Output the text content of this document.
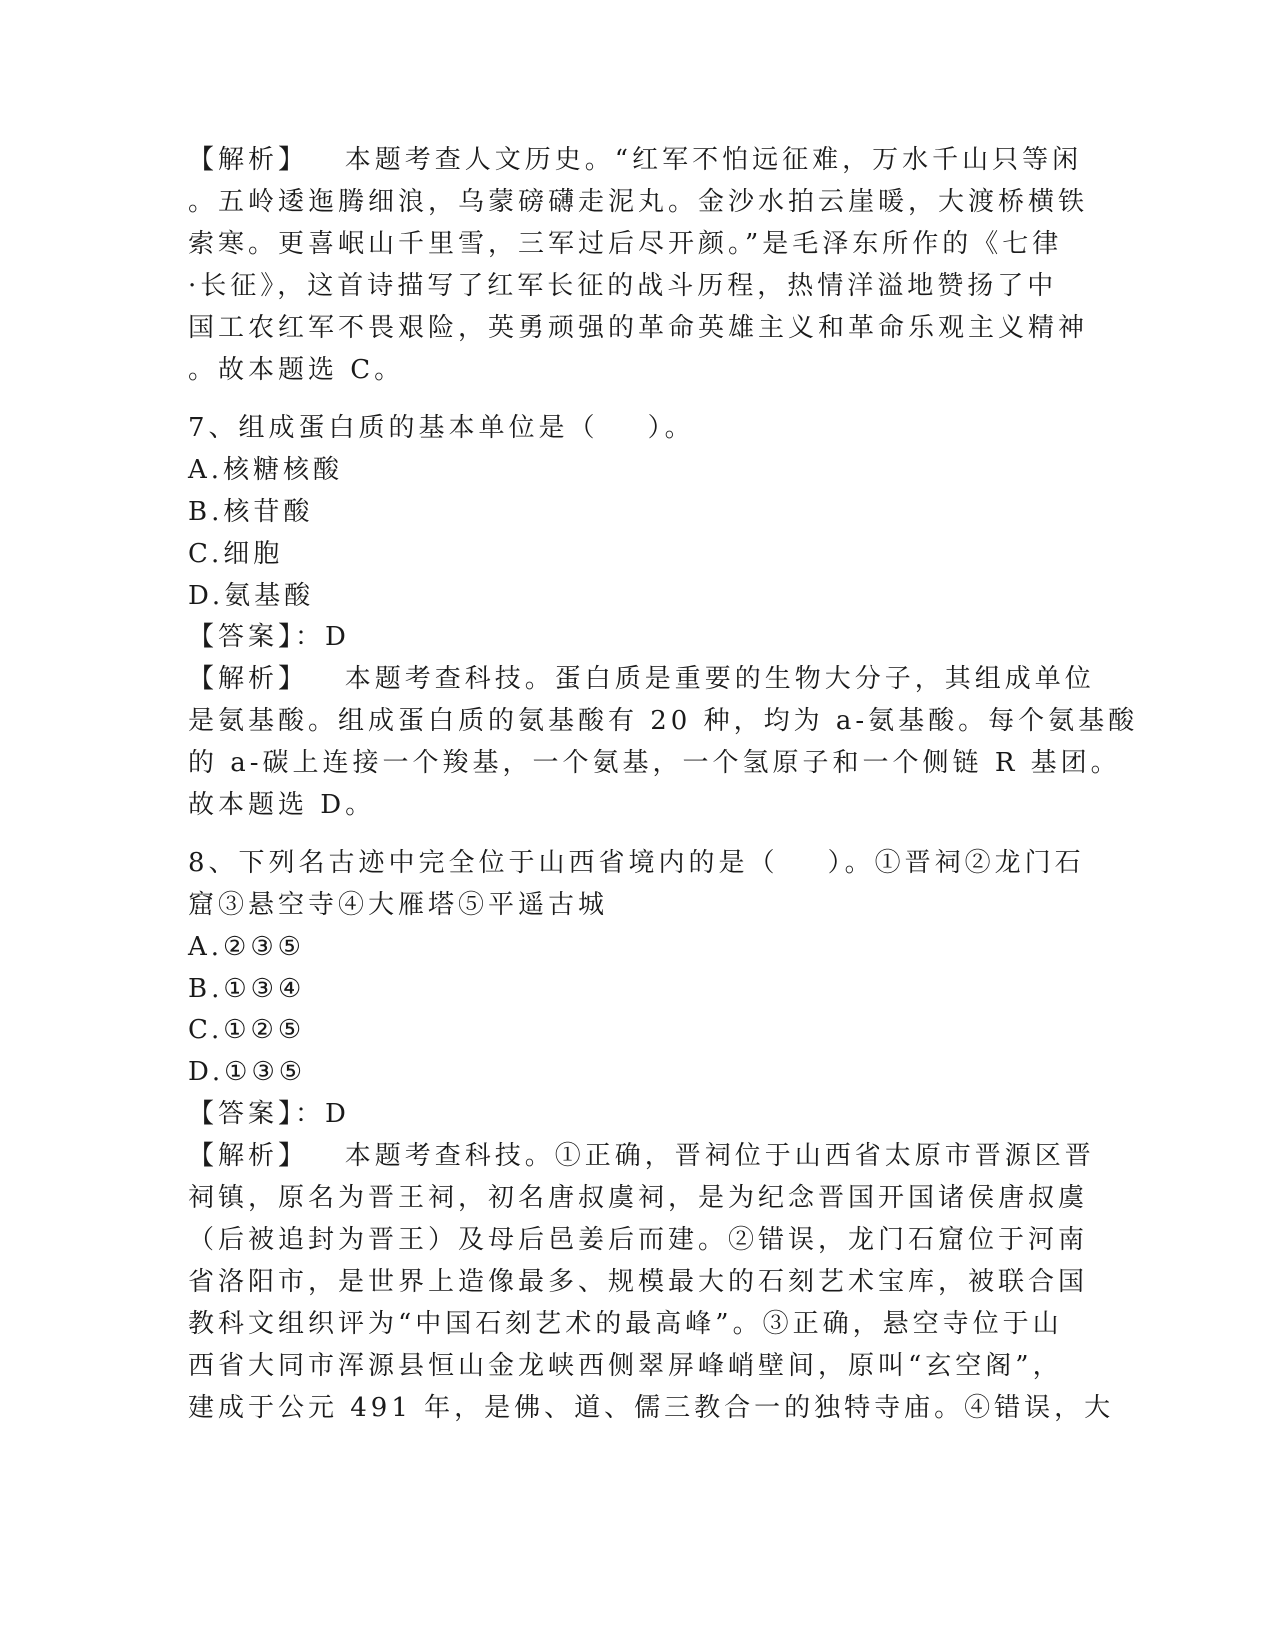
【解析】   本题考查人文历史。“红军不怕远征难，万水千山只等闲
。五岭逶迤腾细浪，乌蒙磅礴走泥丸。金沙水拍云崖暖，大渡桥横铁
索寒。更喜岷山千里雪，三军过后尽开颜。”是毛泽东所作的《七律
·长征》，这首诗描写了红军长征的战斗历程，热情洋溢地赞扬了中
国工农红军不畏艰险，英勇顽强的革命英雄主义和革命乐观主义精神
。故本题选 C。
7、组成蛋白质的基本单位是（    ）。
A.核糖核酸
B.核苷酸
C.细胞
D.氨基酸
【答案】：D
【解析】   本题考查科技。蛋白质是重要的生物大分子，其组成单位
是氨基酸。组成蛋白质的氨基酸有 20 种，均为 a-氨基酸。每个氨基酸
的 a-碳上连接一个羧基，一个氨基，一个氢原子和一个侧链 R 基团。
故本题选 D。
8、下列名古迹中完全位于山西省境内的是（    ）。①晋祠②龙门石
窟③悬空寺④大雁塔⑤平遥古城
A.②③⑤
B.①③④
C.①②⑤
D.①③⑤
【答案】：D
【解析】   本题考查科技。①正确，晋祠位于山西省太原市晋源区晋
祠镇，原名为晋王祠，初名唐叔虞祠，是为纪念晋国开国诸侯唐叔虞
（后被追封为晋王）及母后邑姜后而建。②错误，龙门石窟位于河南
省洛阳市，是世界上造像最多、规模最大的石刻艺术宝库，被联合国
教科文组织评为“中国石刻艺术的最高峰”。③正确，悬空寺位于山
西省大同市浑源县恒山金龙峡西侧翠屏峰峭壁间，原叫“玄空阁”，
建成于公元 491 年，是佛、道、儒三教合一的独特寺庙。④错误，大
